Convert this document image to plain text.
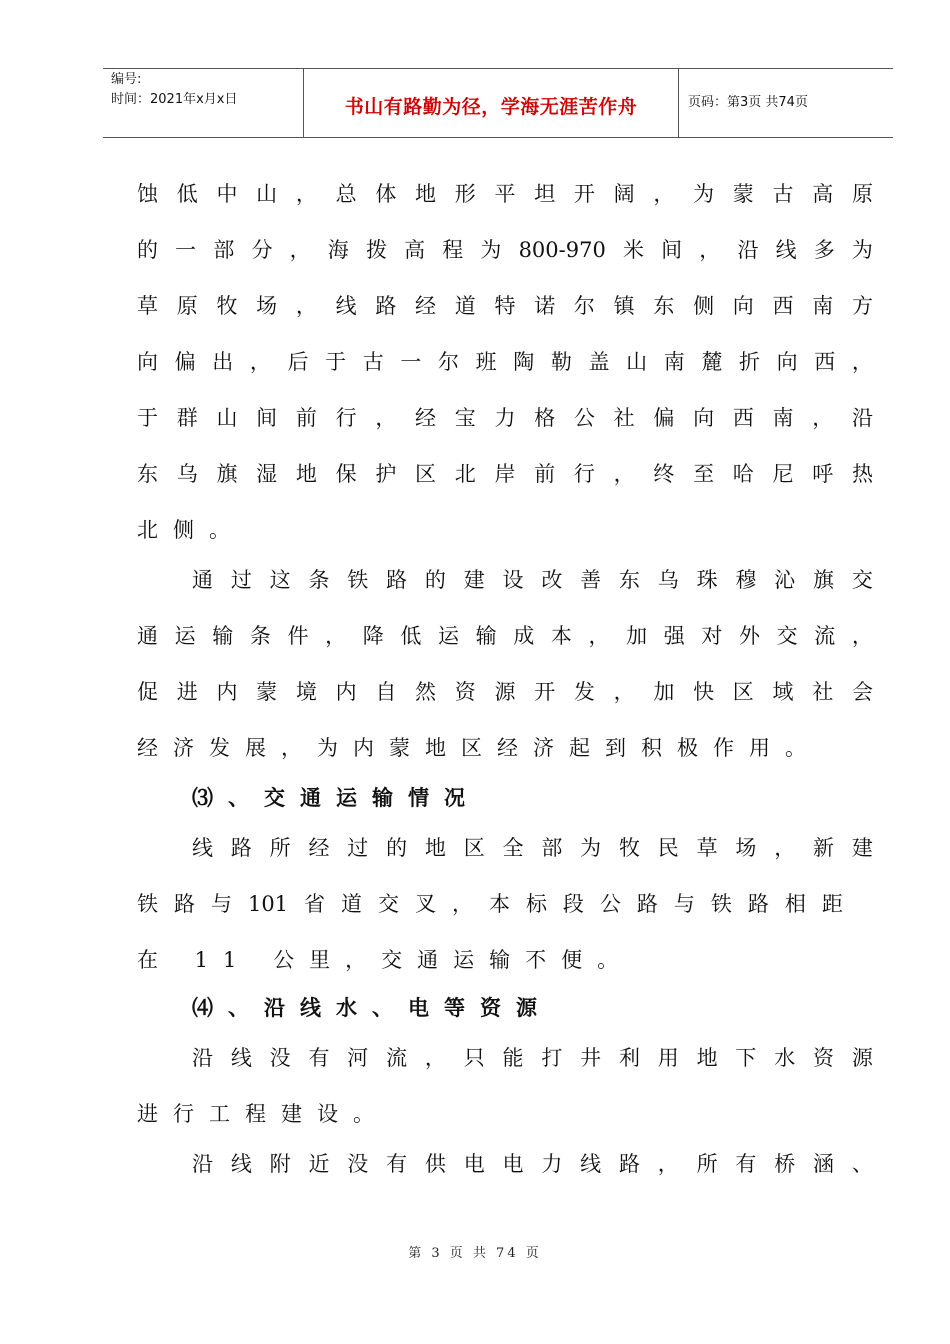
编号:
时间：2021年x月x日	书山有路勤为径，学海无涯苦作舟	页码：第3页 共74页
蚀 低 中 山 ， 总 体 地 形 平 坦 开 阔 ， 为 蒙 古 高 原
的 一 部 分 ， 海 拨 高 程 为 800-970 米 间 ， 沿 线 多 为
草 原 牧 场 ， 线 路 经 道 特 诺 尔 镇 东 侧 向 西 南 方
向 偏 出 ， 后 于 古 一 尔 班 陶 勒 盖 山 南 麓 折 向 西 ，
于 群 山 间 前 行 ， 经 宝 力 格 公 社 偏 向 西 南 ， 沿
东 乌 旗 湿 地 保 护 区 北 岸 前 行 ， 终 至 哈 尼 呼 热
北侧。
通 过 这 条 铁 路 的 建 设 改 善 东 乌 珠 穆 沁 旗 交
通 运 输 条 件 ， 降 低 运 输 成 本 ， 加 强 对 外 交 流 ，
促 进 内 蒙 境 内 自 然 资 源 开 发 ， 加 快 区 域 社 会
经济发展，为内蒙地区经济起到积极作用。
⑶、交通运输情况
线 路 所 经 过 的 地 区 全 部 为 牧 民 草 场 ， 新 建
铁 路 与 101 省 道 交 叉 ， 本 标 段 公 路 与 铁 路 相 距
在 11 公里，交通运输不便。
⑷、沿线水、电等资源
沿 线 没 有 河 流 ， 只 能 打 井 利 用 地 下 水 资 源
进行工程建设。
沿 线 附 近 没 有 供 电 电 力 线 路 ， 所 有 桥 涵 、
第 3 页 共 74 页
